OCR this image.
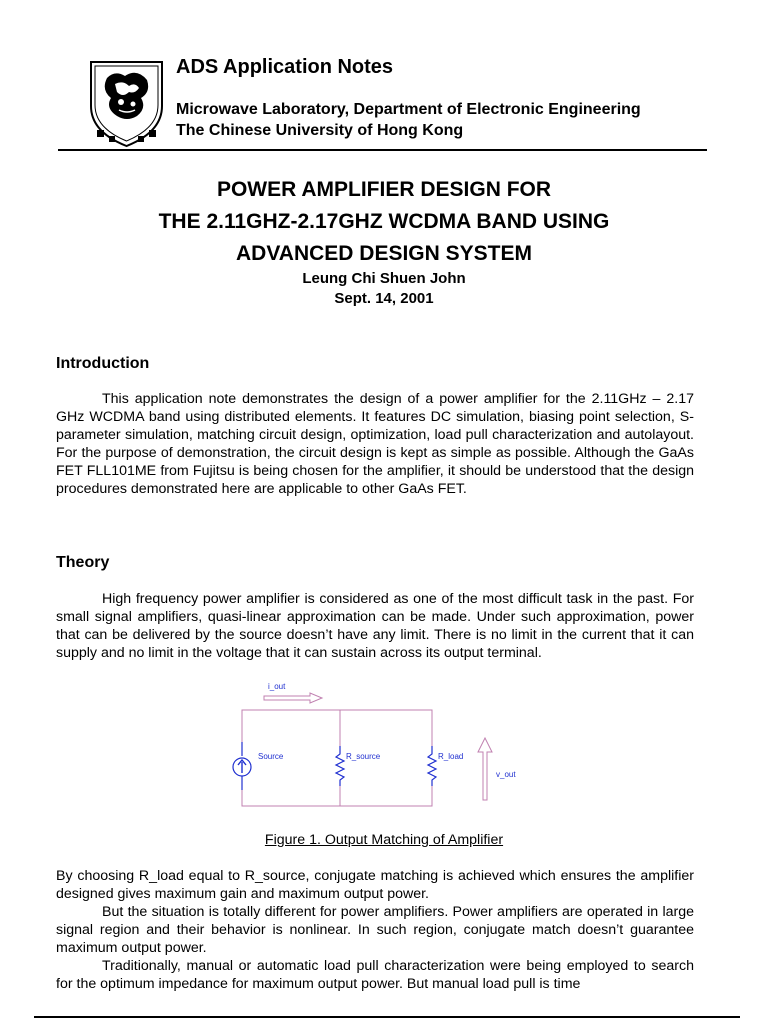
ADS Application Notes
Microwave Laboratory, Department of Electronic Engineering
The Chinese University of Hong Kong
POWER AMPLIFIER DESIGN FOR
THE 2.11GHZ-2.17GHZ WCDMA BAND USING
ADVANCED DESIGN SYSTEM
Leung Chi Shuen John
Sept. 14, 2001
Introduction

This application note demonstrates the design of a power amplifier for the 2.11GHz – 2.17 GHz WCDMA band using distributed elements. It features DC simulation, biasing point selection, S-parameter simulation, matching circuit design, optimization, load pull characterization and autolayout. For the purpose of demonstration, the circuit design is kept as simple as possible. Although the GaAs FET FLL101ME from Fujitsu is being chosen for the amplifier, it should be understood that the design procedures demonstrated here are applicable to other GaAs FET.

Theory

High frequency power amplifier is considered as one of the most difficult task in the past. For small signal amplifiers, quasi-linear approximation can be made. Under such approximation, power that can be delivered by the source doesn’t have any limit. There is no limit in the current that it can supply and no limit in the voltage that it can sustain across its output terminal.

i_out
Source	R_source	R_load
v_out
Figure 1. Output Matching of Amplifier

By choosing R_load equal to R_source, conjugate matching is achieved which ensures the amplifier designed gives maximum gain and maximum output power.

But the situation is totally different for power amplifiers. Power amplifiers are operated in large signal region and their behavior is nonlinear. In such region, conjugate match doesn’t guarantee maximum output power.

Traditionally, manual or automatic load pull characterization were being employed to search for the optimum impedance for maximum output power. But manual load pull is time
